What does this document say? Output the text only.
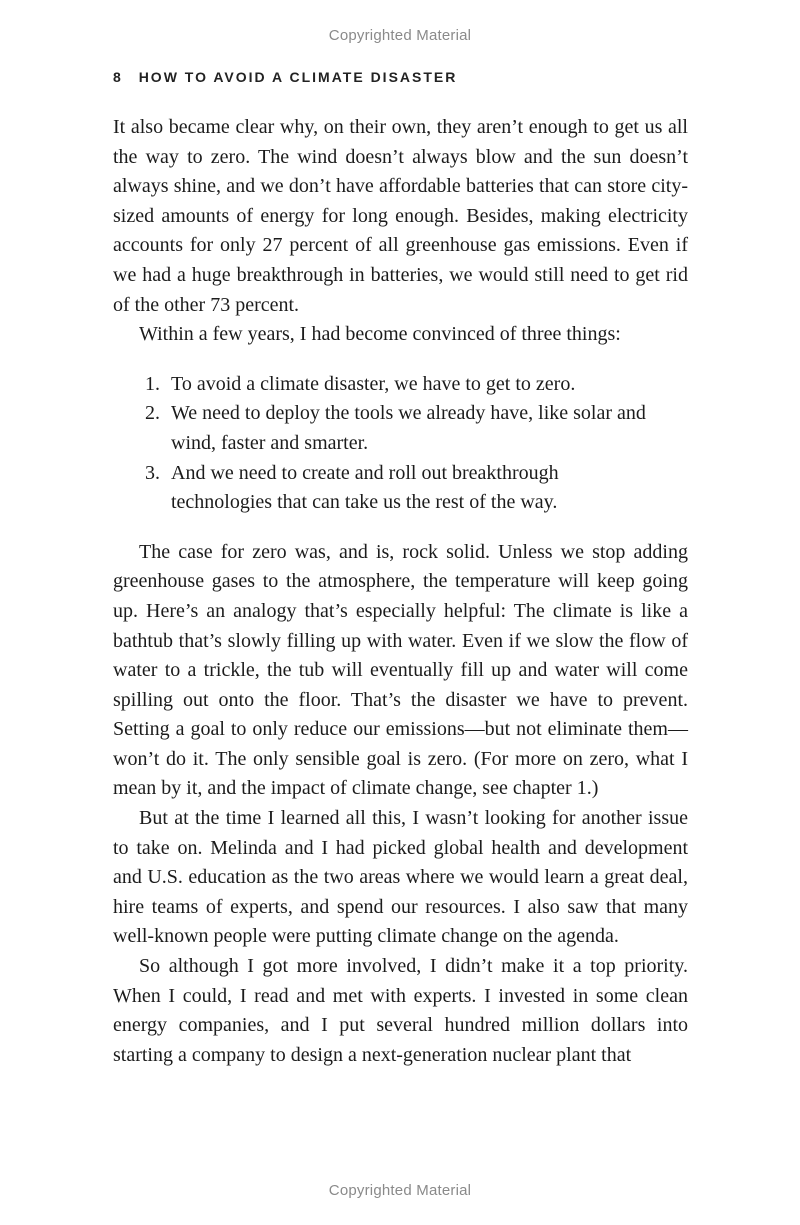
Copyrighted Material
8 HOW TO AVOID A CLIMATE DISASTER

It also became clear why, on their own, they aren’t enough to get us all the way to zero. The wind doesn’t always blow and the sun doesn’t always shine, and we don’t have affordable batteries that can store city-sized amounts of energy for long enough. Besides, making electricity accounts for only 27 percent of all greenhouse gas emissions. Even if we had a huge breakthrough in batteries, we would still need to get rid of the other 73 percent.

Within a few years, I had become convinced of three things:

1. To avoid a climate disaster, we have to get to zero.
2. We need to deploy the tools we already have, like solar and wind, faster and smarter.
3. And we need to create and roll out breakthrough technologies that can take us the rest of the way.

The case for zero was, and is, rock solid. Unless we stop adding greenhouse gases to the atmosphere, the temperature will keep going up. Here’s an analogy that’s especially helpful: The climate is like a bathtub that’s slowly filling up with water. Even if we slow the flow of water to a trickle, the tub will eventually fill up and water will come spilling out onto the floor. That’s the disaster we have to prevent. Setting a goal to only reduce our emissions—but not eliminate them—won’t do it. The only sensible goal is zero. (For more on zero, what I mean by it, and the impact of climate change, see chapter 1.)

But at the time I learned all this, I wasn’t looking for another issue to take on. Melinda and I had picked global health and development and U.S. education as the two areas where we would learn a great deal, hire teams of experts, and spend our resources. I also saw that many well-known people were putting climate change on the agenda.

So although I got more involved, I didn’t make it a top priority. When I could, I read and met with experts. I invested in some clean energy companies, and I put several hundred million dollars into starting a company to design a next-generation nuclear plant that

Copyrighted Material
